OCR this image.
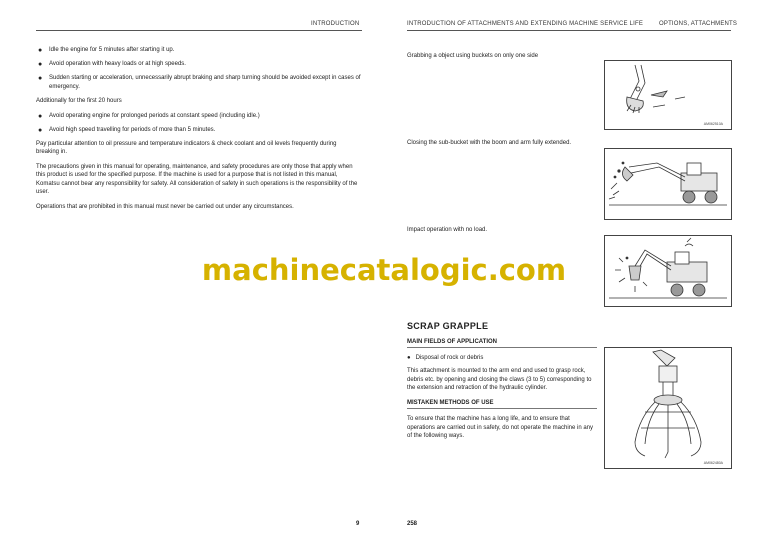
INTRODUCTION
● Idle the engine for 5 minutes after starting it up.
● Avoid operation with heavy loads or at high speeds.
● Sudden starting or acceleration, unnecessarily abrupt braking and sharp turning should be avoided except in cases of emergency.
Additionally for the first 20 hours
● Avoid operating engine for prolonged periods at constant speed (including idle.)
● Avoid high speed travelling for periods of more than 5 minutes.
Pay particular attention to oil pressure and temperature indicators & check coolant and oil levels frequently during breaking in.
The precautions given in this manual for operating, maintenance, and safety procedures are only those that apply when this product is used for the specified purpose. If the machine is used for a purpose that is not listed in this manual, Komatsu cannot bear any responsibility for safety. All consideration of safety in such operations is the responsibility of the user.
Operations that are prohibited in this manual must never be carried out under any circumstances.
9
INTRODUCTION OF ATTACHMENTS AND EXTENDING MACHINE SERVICE LIFE	OPTIONS, ATTACHMENTS
Grabbing a object using buckets on only one side
AM062510A
Closing the sub-bucket with the boom and arm fully extended.
Impact operation with no load.
SCRAP GRAPPLE
MAIN FIELDS OF APPLICATION
●   Disposal of rock or debris
This attachment is mounted to the arm end and used to grasp rock, debris etc. by opening and closing the claws (3 to 5) corresponding to the extension and retraction of the hydraulic cylinder.
MISTAKEN METHODS OF USE
To ensure that the machine has a long life, and to ensure that operations are carried out in safety, do not operate the machine in any of the following ways.
AM062480A
258
machinecatalogic.com
